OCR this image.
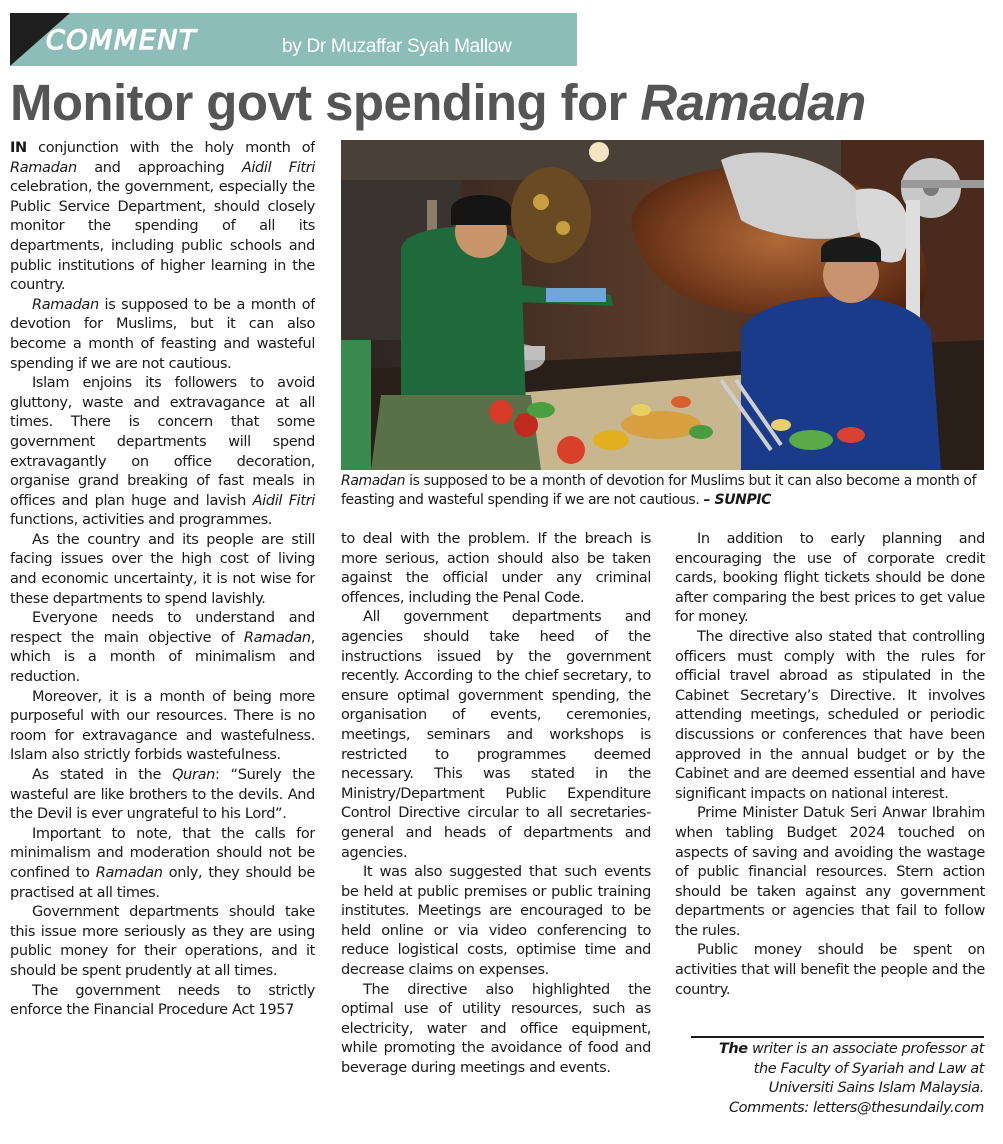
COMMENT	by Dr Muzaffar Syah Mallow
Monitor govt spending for Ramadan

IN conjunction with the holy month of Ramadan and approaching Aidil Fitri celebration, the government, especially the Public Service Department, should closely monitor the spending of all its departments, including public schools and public institutions of higher learning in the country.

Ramadan is supposed to be a month of devotion for Muslims, but it can also become a month of feasting and wasteful spending if we are not cautious.

Islam enjoins its followers to avoid gluttony, waste and extravagance at all times. There is concern that some government departments will spend extravagantly on office decoration, organise grand breaking of fast meals in offices and plan huge and lavish Aidil Fitri functions, activities and programmes.

As the country and its people are still facing issues over the high cost of living and economic uncertainty, it is not wise for these departments to spend lavishly.

Everyone needs to understand and respect the main objective of Ramadan, which is a month of minimalism and reduction.

Moreover, it is a month of being more purposeful with our resources. There is no room for extravagance and wastefulness. Islam also strictly forbids wastefulness.

As stated in the Quran: “Surely the wasteful are like brothers to the devils. And the Devil is ever ungrateful to his Lord”.

Important to note, that the calls for minimalism and moderation should not be confined to Ramadan only, they should be practised at all times.

Government departments should take this issue more seriously as they are using public money for their operations, and it should be spent prudently at all times.

The government needs to strictly enforce the Financial Procedure Act 1957

Ramadan is supposed to be a month of devotion for Muslims but it can also become a month of feasting and wasteful spending if we are not cautious. – SUNPIC

to deal with the problem. If the breach is more serious, action should also be taken against the official under any criminal offences, including the Penal Code.

All government departments and agencies should take heed of the instructions issued by the government recently. According to the chief secretary, to ensure optimal government spending, the organisation of events, ceremonies, meetings, seminars and workshops is restricted to programmes deemed necessary. This was stated in the Ministry/Department Public Expenditure Control Directive circular to all secretaries-general and heads of departments and agencies.

It was also suggested that such events be held at public premises or public training institutes. Meetings are encouraged to be held online or via video conferencing to reduce logistical costs, optimise time and decrease claims on expenses.

The directive also highlighted the optimal use of utility resources, such as electricity, water and office equipment, while promoting the avoidance of food and beverage during meetings and events.

In addition to early planning and encouraging the use of corporate credit cards, booking flight tickets should be done after comparing the best prices to get value for money.

The directive also stated that controlling officers must comply with the rules for official travel abroad as stipulated in the Cabinet Secretary’s Directive. It involves attending meetings, scheduled or periodic discussions or conferences that have been approved in the annual budget or by the Cabinet and are deemed essential and have significant impacts on national interest.

Prime Minister Datuk Seri Anwar Ibrahim when tabling Budget 2024 touched on aspects of saving and avoiding the wastage of public financial resources. Stern action should be taken against any government departments or agencies that fail to follow the rules.

Public money should be spent on activities that will benefit the people and the country.

The writer is an associate professor at
the Faculty of Syariah and Law at
Universiti Sains Islam Malaysia.
Comments: letters@thesundaily.com
